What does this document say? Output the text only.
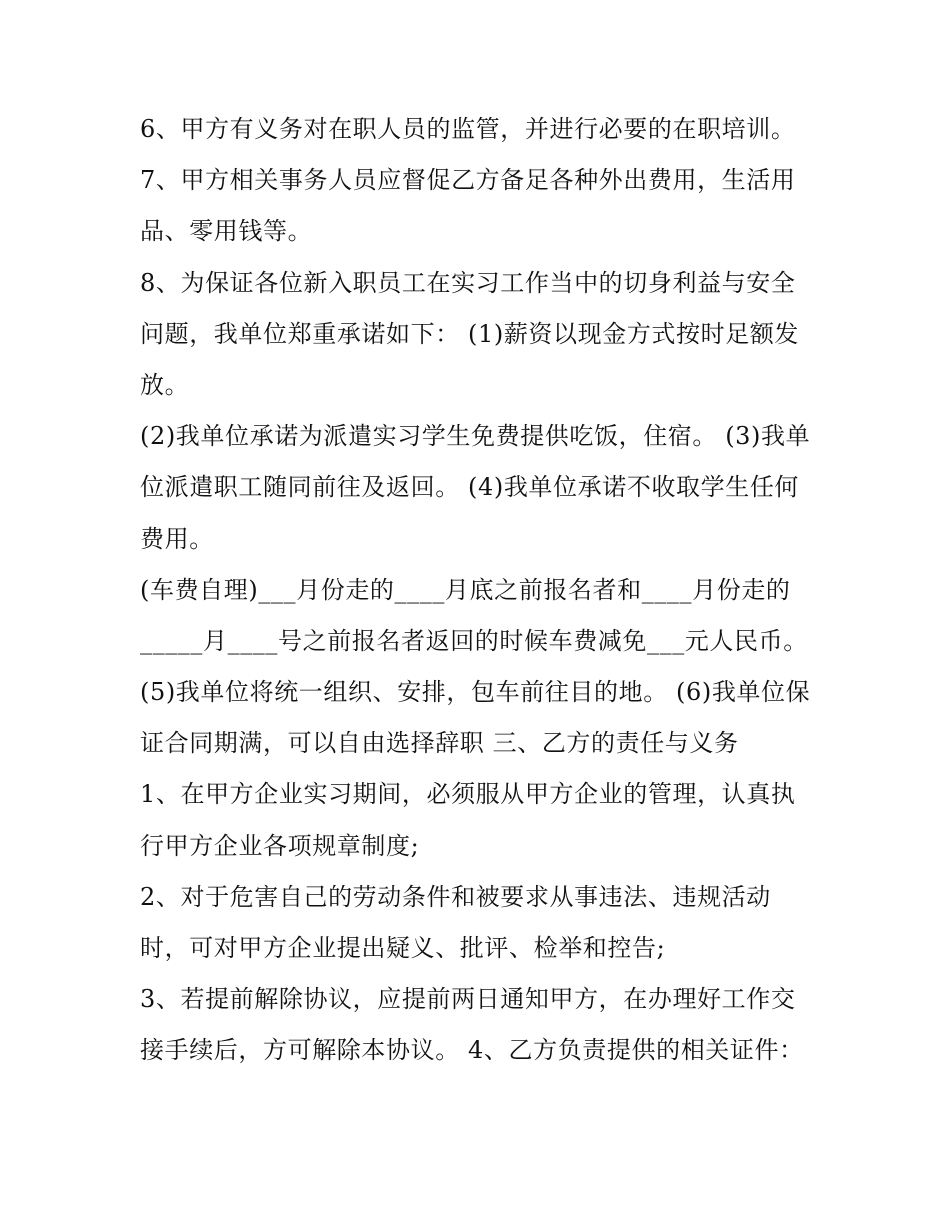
6、甲方有义务对在职人员的监管，并进行必要的在职培训。
7、甲方相关事务人员应督促乙方备足各种外出费用，生活用
品、零用钱等。
8、为保证各位新入职员工在实习工作当中的切身利益与安全
问题，我单位郑重承诺如下： (1)薪资以现金方式按时足额发
放。
(2)我单位承诺为派遣实习学生免费提供吃饭，住宿。 (3)我单
位派遣职工随同前往及返回。 (4)我单位承诺不收取学生任何
费用。
(车费自理)___月份走的____月底之前报名者和____月份走的
_____月____号之前报名者返回的时候车费减免___元人民币。
(5)我单位将统一组织、安排，包车前往目的地。 (6)我单位保
证合同期满，可以自由选择辞职 三、乙方的责任与义务
1、在甲方企业实习期间，必须服从甲方企业的管理，认真执
行甲方企业各项规章制度;
2、对于危害自己的劳动条件和被要求从事违法、违规活动
时，可对甲方企业提出疑义、批评、检举和控告;
3、若提前解除协议，应提前两日通知甲方，在办理好工作交
接手续后，方可解除本协议。 4、乙方负责提供的相关证件：
